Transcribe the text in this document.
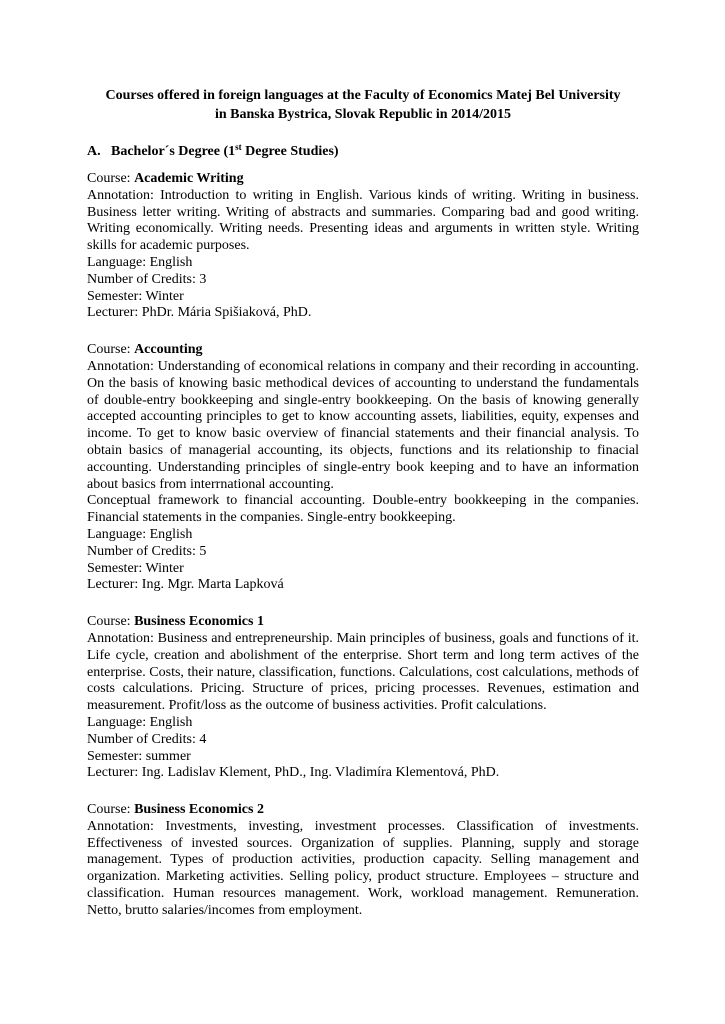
Courses offered in foreign languages at the Faculty of Economics Matej Bel University
in Banska Bystrica, Slovak Republic in 2014/2015

A. Bachelor´s Degree (1st Degree Studies)

Course: Academic Writing

Annotation: Introduction to writing in English. Various kinds of writing. Writing in business. Business letter writing. Writing of abstracts and summaries. Comparing bad and good writing. Writing economically. Writing needs. Presenting ideas and arguments in written style. Writing skills for academic purposes.

Language: English

Number of Credits: 3

Semester: Winter

Lecturer: PhDr. Mária Spišiaková, PhD.

Course: Accounting

Annotation: Understanding of economical relations in company and their recording in accounting. On the basis of knowing basic methodical devices of accounting to understand the fundamentals of double-entry bookkeeping and single-entry bookkeeping. On the basis of knowing generally accepted accounting principles to get to know accounting assets, liabilities, equity, expenses and income. To get to know basic overview of financial statements and their financial analysis. To obtain basics of managerial accounting, its objects, functions and its relationship to finacial accounting. Understanding principles of single-entry book keeping and to have an information about basics from interrnational accounting.

Conceptual framework to financial accounting. Double-entry bookkeeping in the companies. Financial statements in the companies. Single-entry bookkeeping.

Language: English

Number of Credits: 5

Semester: Winter

Lecturer: Ing. Mgr. Marta Lapková

Course: Business Economics 1

Annotation: Business and entrepreneurship. Main principles of business, goals and functions of it. Life cycle, creation and abolishment of the enterprise. Short term and long term actives of the enterprise. Costs, their nature, classification, functions. Calculations, cost calculations, methods of costs calculations. Pricing. Structure of prices, pricing processes. Revenues, estimation and measurement. Profit/loss as the outcome of business activities. Profit calculations.

Language: English

Number of Credits: 4

Semester: summer

Lecturer: Ing. Ladislav Klement, PhD., Ing. Vladimíra Klementová, PhD.

Course: Business Economics 2

Annotation: Investments, investing, investment processes. Classification of investments. Effectiveness of invested sources. Organization of supplies. Planning, supply and storage management. Types of production activities, production capacity. Selling management and organization. Marketing activities. Selling policy, product structure. Employees – structure and classification. Human resources management. Work, workload management. Remuneration. Netto, brutto salaries/incomes from employment.
